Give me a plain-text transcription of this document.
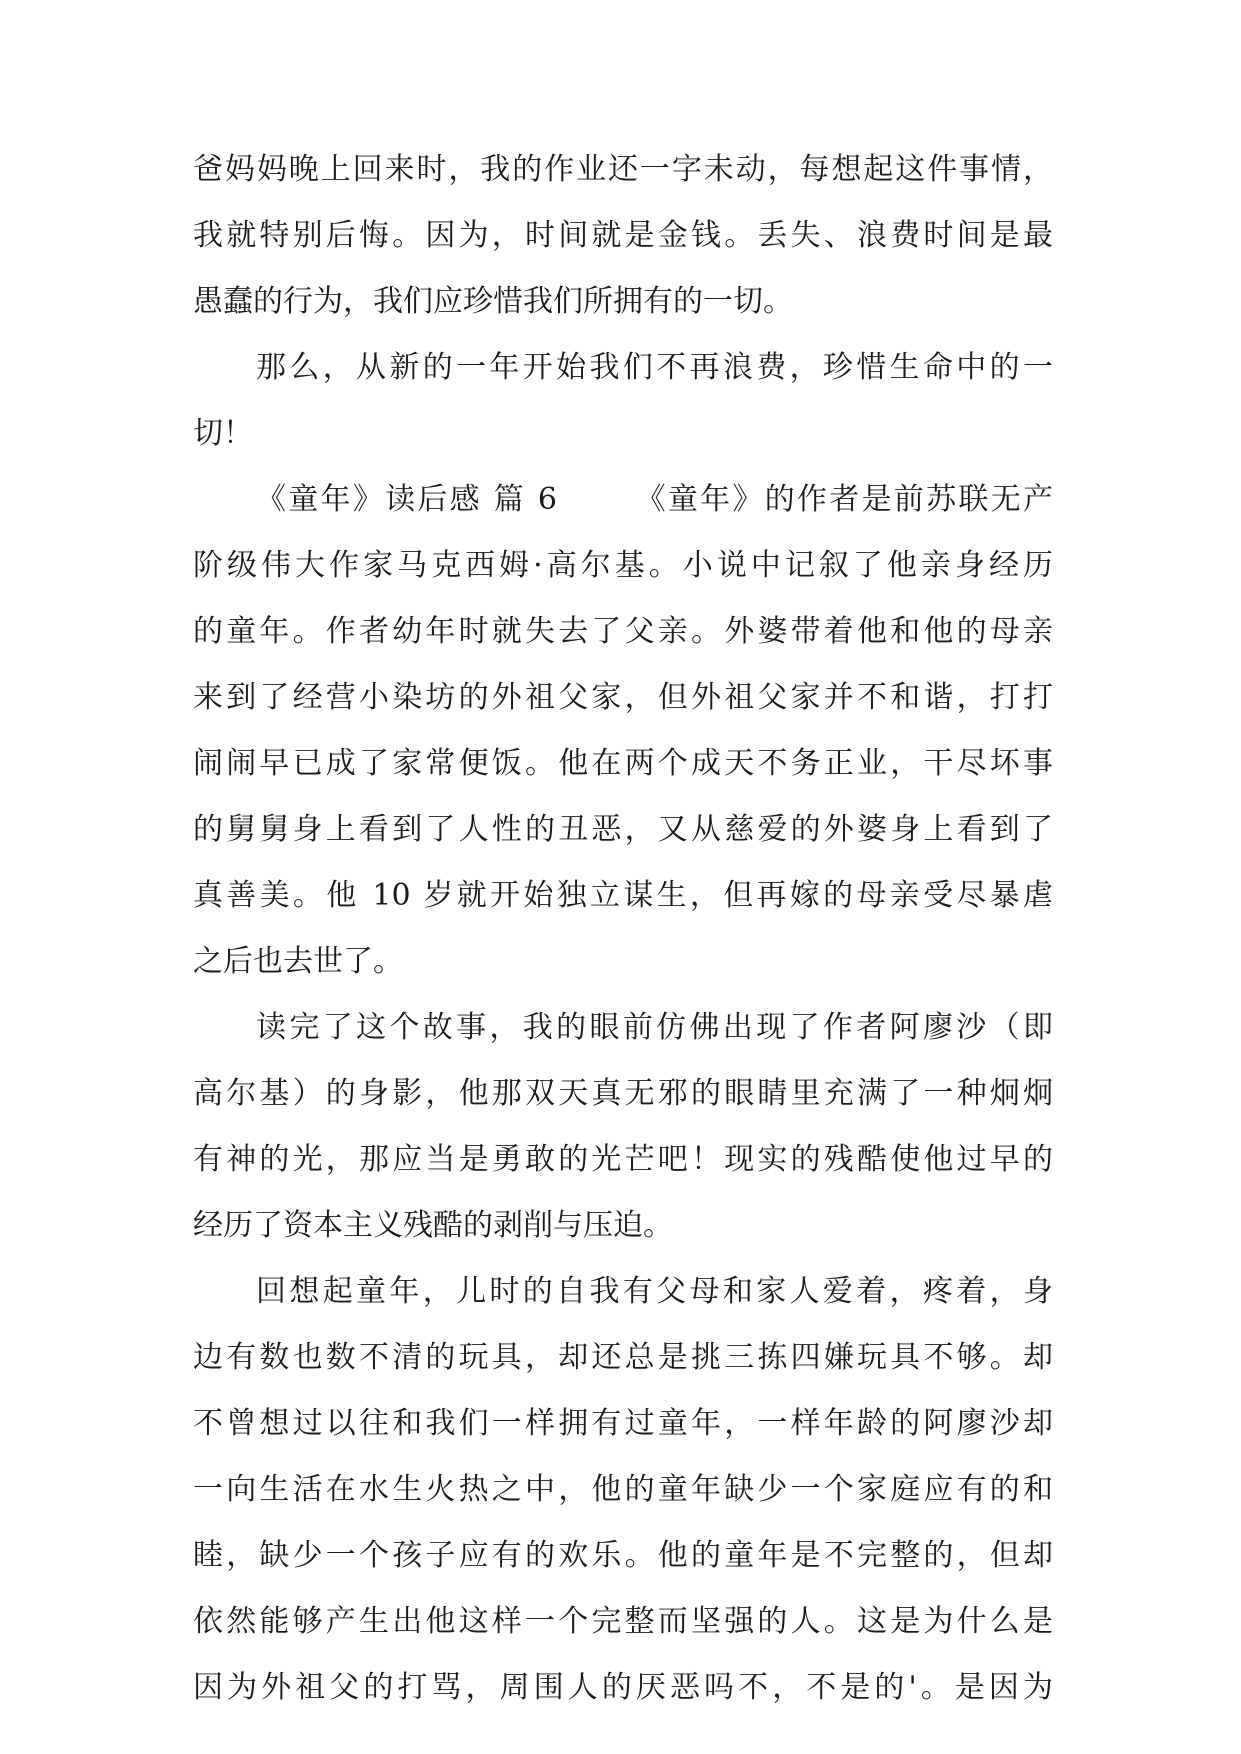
爸妈妈晚上回来时，我的作业还一字未动，每想起这件事情，
我就特别后悔。因为，时间就是金钱。丢失、浪费时间是最
愚蠢的行为，我们应珍惜我们所拥有的一切。
那么，从新的一年开始我们不再浪费，珍惜生命中的一
切！
《童年》读后感 篇 6　　 《童年》的作者是前苏联无产
阶级伟大作家马克西姆·高尔基。小说中记叙了他亲身经历
的童年。作者幼年时就失去了父亲。外婆带着他和他的母亲
来到了经营小染坊的外祖父家，但外祖父家并不和谐，打打
闹闹早已成了家常便饭。他在两个成天不务正业，干尽坏事
的舅舅身上看到了人性的丑恶，又从慈爱的外婆身上看到了
真善美。他 10 岁就开始独立谋生，但再嫁的母亲受尽暴虐
之后也去世了。
读完了这个故事，我的眼前仿佛出现了作者阿廖沙（即
高尔基）的身影，他那双天真无邪的眼睛里充满了一种炯炯
有神的光，那应当是勇敢的光芒吧！现实的残酷使他过早的
经历了资本主义残酷的剥削与压迫。
回想起童年，儿时的自我有父母和家人爱着，疼着，身
边有数也数不清的玩具，却还总是挑三拣四嫌玩具不够。却
不曾想过以往和我们一样拥有过童年，一样年龄的阿廖沙却
一向生活在水生火热之中，他的童年缺少一个家庭应有的和
睦，缺少一个孩子应有的欢乐。他的童年是不完整的，但却
依然能够产生出他这样一个完整而坚强的人。这是为什么是
因为外祖父的打骂，周围人的厌恶吗不，不是的'。是因为
